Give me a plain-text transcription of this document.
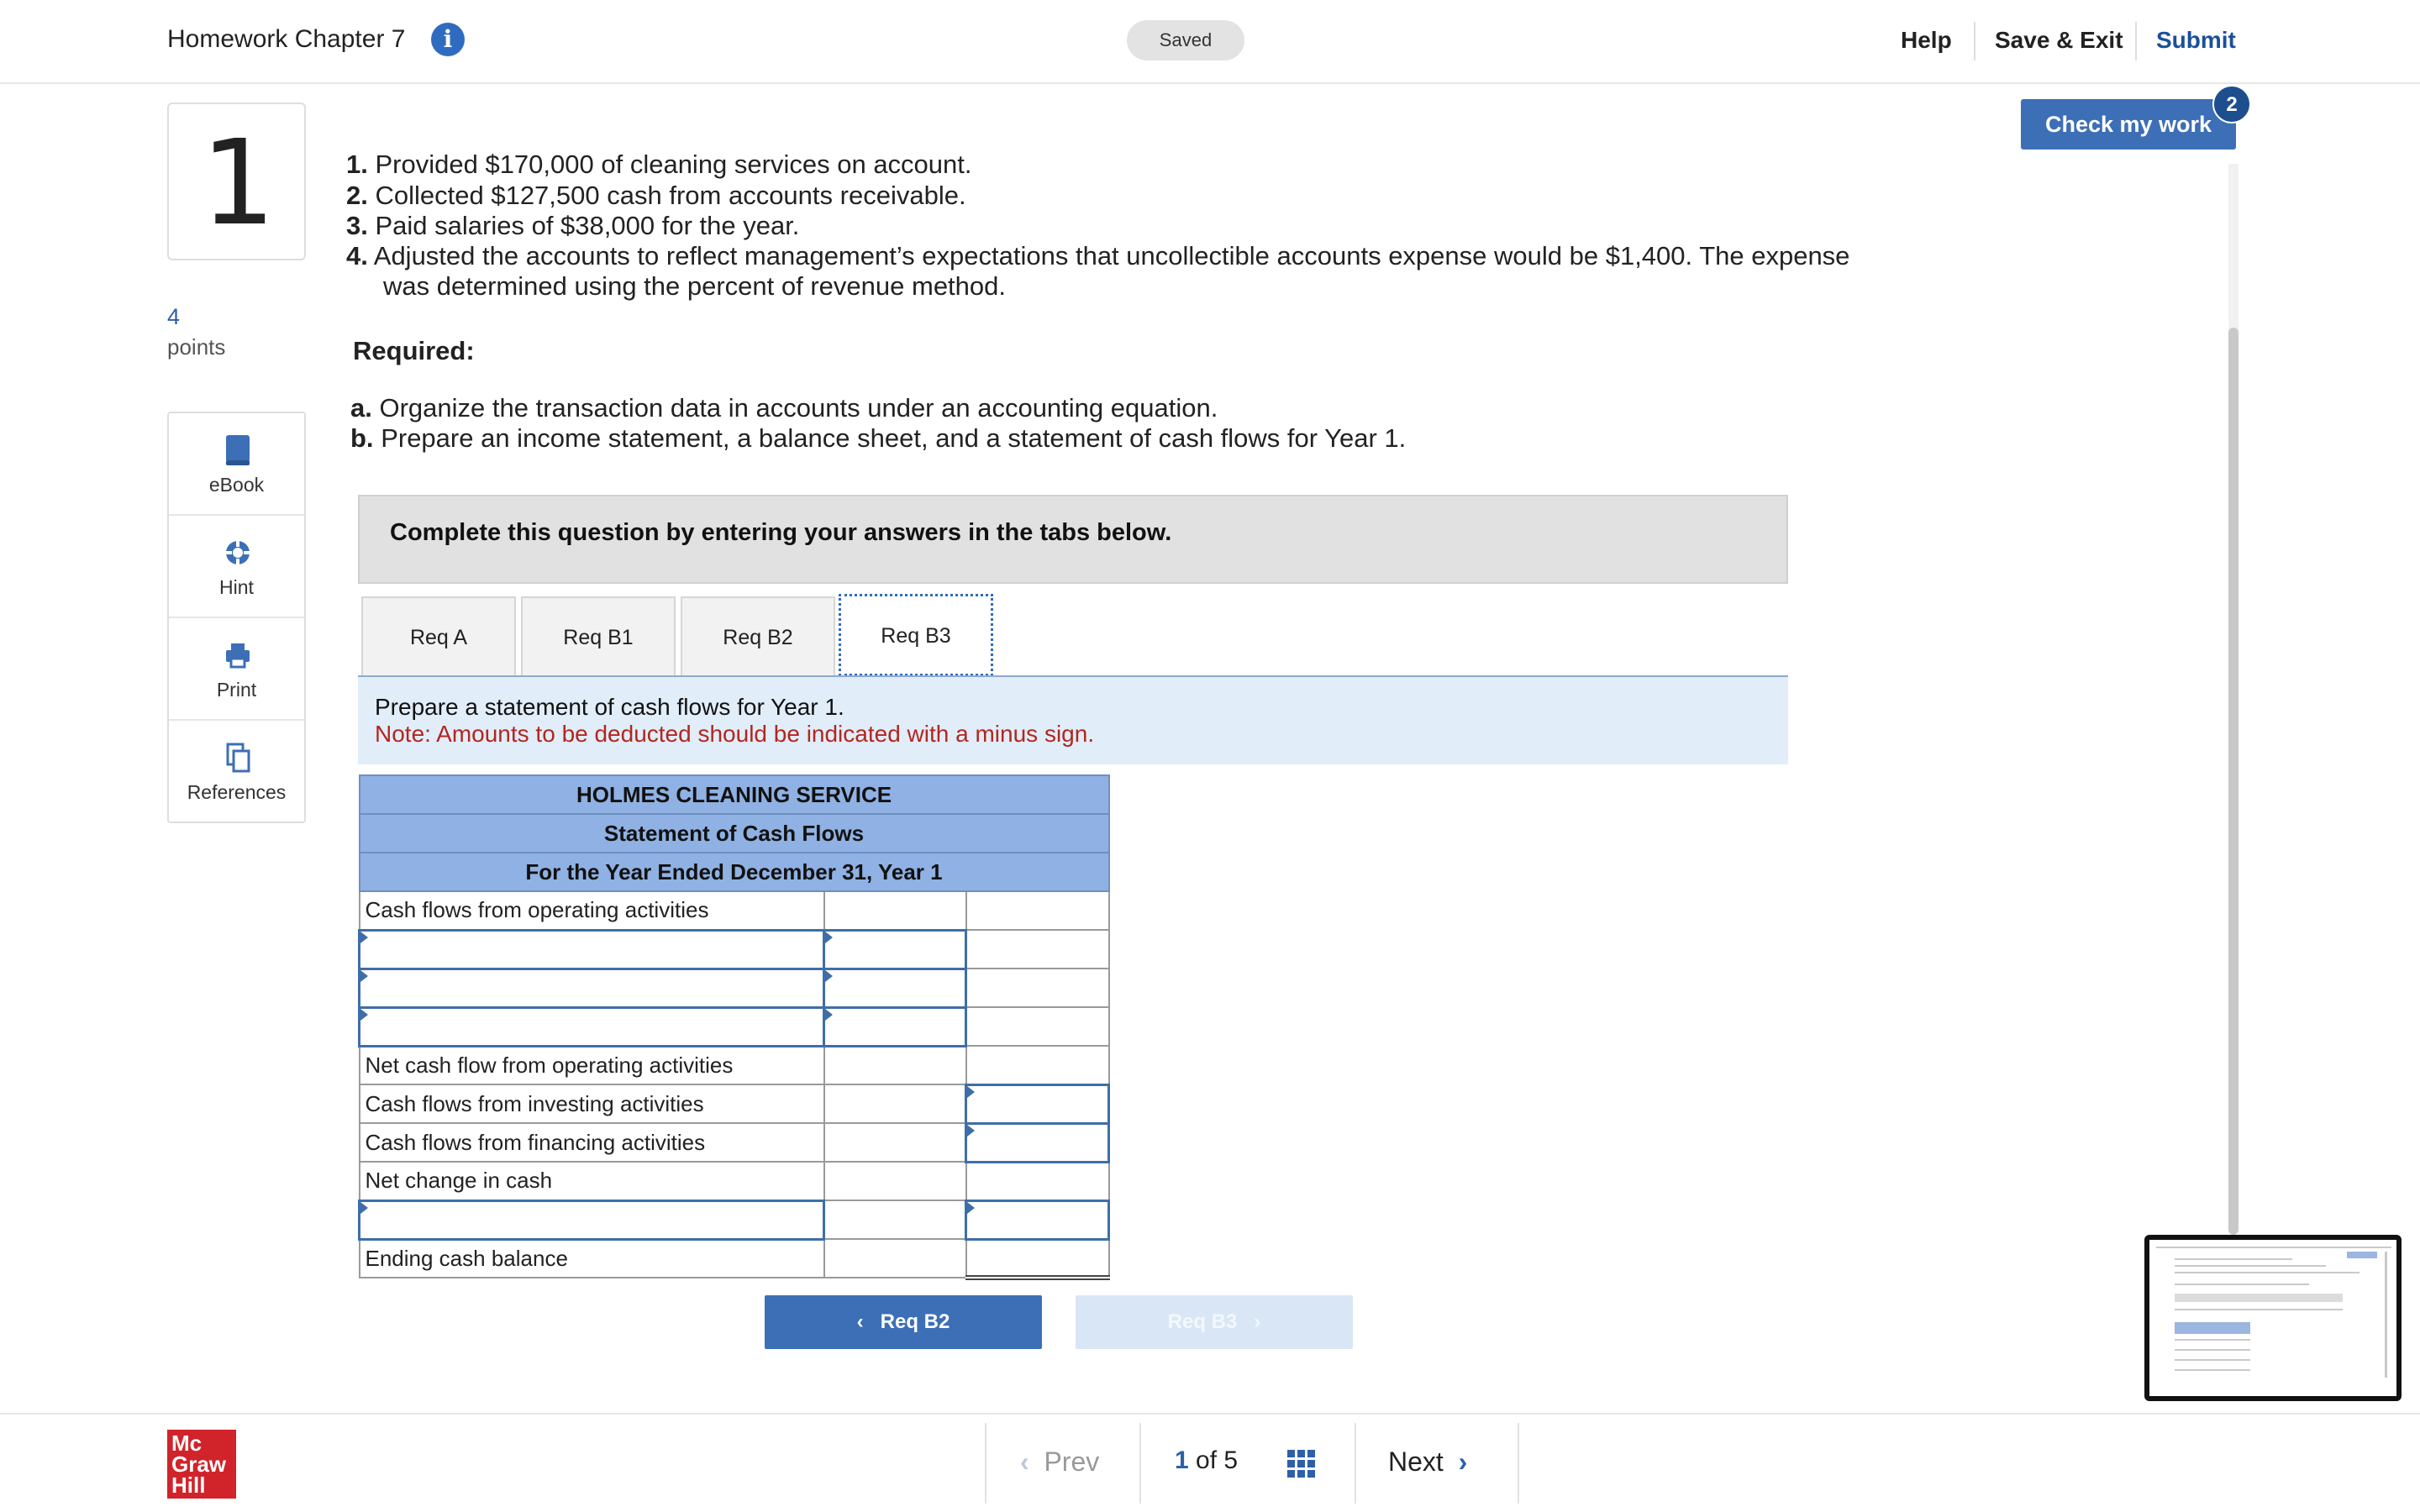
Homework Chapter 7	i	Saved	Help Save & Exit Submit
1
4
points
eBook
Hint
Print
References
1. Provided $170,000 of cleaning services on account.
2. Collected $127,500 cash from accounts receivable.
3. Paid salaries of $38,000 for the year.
4. Adjusted the accounts to reflect management’s expectations that uncollectible accounts expense would be $1,400. The expense
was determined using the percent of revenue method.
Required:
a. Organize the transaction data in accounts under an accounting equation.
b. Prepare an income statement, a balance sheet, and a statement of cash flows for Year 1.
Complete this question by entering your answers in the tabs below.
Req A	Req B1	Req B2	Req B3
Prepare a statement of cash flows for Year 1.
Note: Amounts to be deducted should be indicated with a minus sign.
HOLMES CLEANING SERVICE		
Statement of Cash Flows		
For the Year Ended December 31, Year 1		
Cash flows from operating activities		

Net cash flow from operating activities		
Cash flows from investing activities		
Cash flows from financing activities		
Net change in cash		

Ending cash balance		
‹ Req B2	Req B3 ›
Check my work
2
Mc
Graw
Hill
‹ Prev	1 of 5	Next ›
